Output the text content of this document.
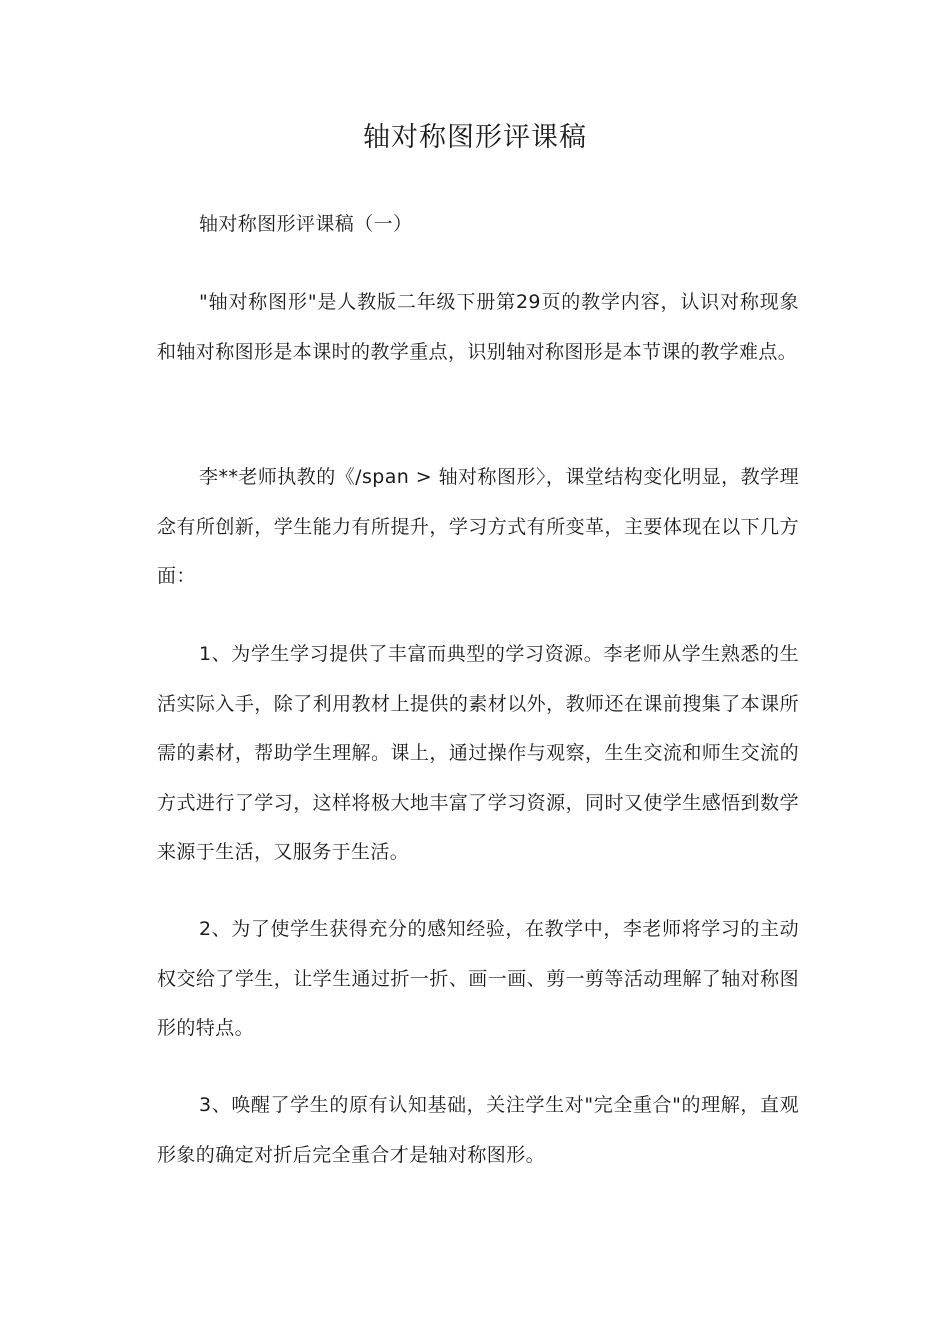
轴对称图形评课稿

轴对称图形评课稿（一）

"轴对称图形"是人教版二年级下册第29页的教学内容，认识对称现象和轴对称图形是本课时的教学重点，识别轴对称图形是本节课的教学难点。

李**老师执教的《/span > 轴对称图形〉，课堂结构变化明显，教学理念有所创新，学生能力有所提升，学习方式有所变革，主要体现在以下几方面：

1、为学生学习提供了丰富而典型的学习资源。李老师从学生熟悉的生活实际入手，除了利用教材上提供的素材以外，教师还在课前搜集了本课所需的素材，帮助学生理解。课上，通过操作与观察，生生交流和师生交流的方式进行了学习，这样将极大地丰富了学习资源，同时又使学生感悟到数学来源于生活，又服务于生活。

2、为了使学生获得充分的感知经验，在教学中，李老师将学习的主动权交给了学生，让学生通过折一折、画一画、剪一剪等活动理解了轴对称图形的特点。

3、唤醒了学生的原有认知基础，关注学生对"完全重合"的理解，直观形象的确定对折后完全重合才是轴对称图形。
